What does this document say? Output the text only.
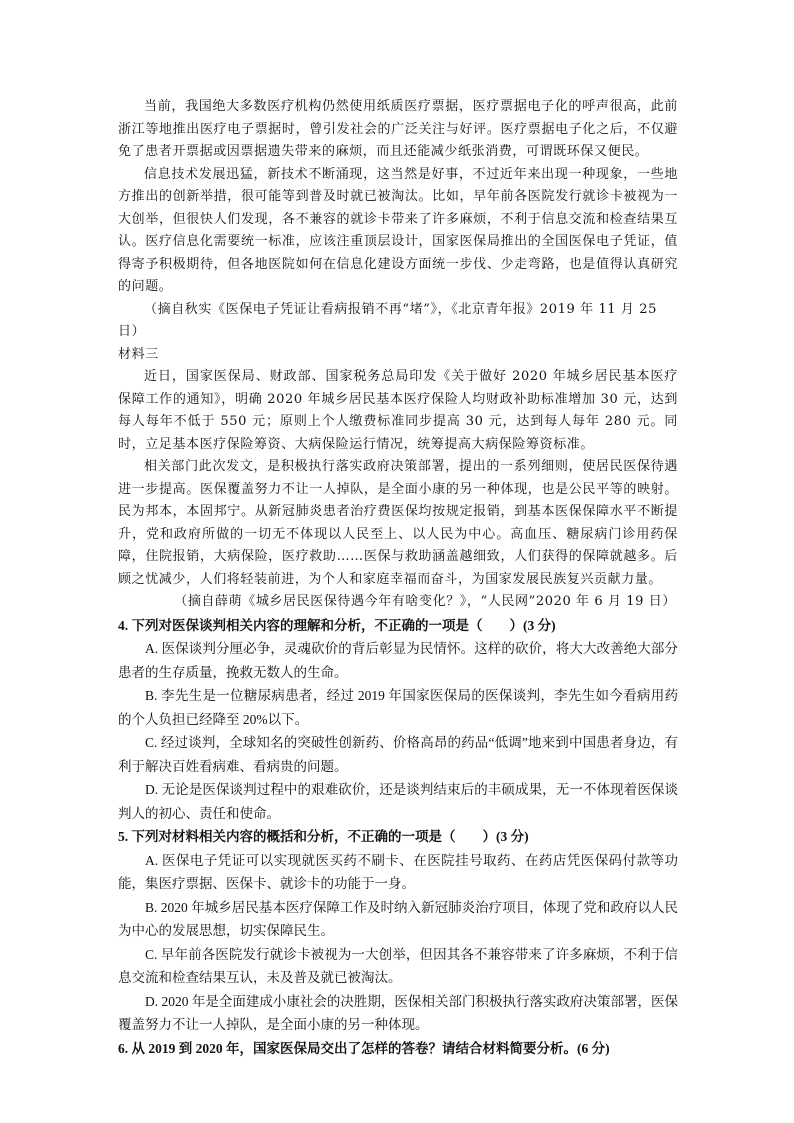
当前，我国绝大多数医疗机构仍然使用纸质医疗票据，医疗票据电子化的呼声很高，此前浙江等地推出医疗电子票据时，曾引发社会的广泛关注与好评。医疗票据电子化之后，不仅避免了患者开票据或因票据遗失带来的麻烦，而且还能减少纸张消费，可谓既环保又便民。

信息技术发展迅猛，新技术不断涌现，这当然是好事，不过近年来出现一种现象，一些地方推出的创新举措，很可能等到普及时就已被淘汰。比如，早年前各医院发行就诊卡被视为一大创举，但很快人们发现，各不兼容的就诊卡带来了许多麻烦，不利于信息交流和检查结果互认。医疗信息化需要统一标准，应该注重顶层设计，国家医保局推出的全国医保电子凭证，值得寄予积极期待，但各地医院如何在信息化建设方面统一步伐、少走弯路，也是值得认真研究的问题。

（摘自秋实《医保电子凭证让看病报销不再“堵”》，《北京青年报》2019 年 11 月 25 日）

材料三

近日，国家医保局、财政部、国家税务总局印发《关于做好 2020 年城乡居民基本医疗保障工作的通知》，明确 2020 年城乡居民基本医疗保险人均财政补助标准增加 30 元，达到每人每年不低于 550 元；原则上个人缴费标准同步提高 30 元，达到每人每年 280 元。同时，立足基本医疗保险筹资、大病保险运行情况，统筹提高大病保险筹资标准。

相关部门此次发文，是积极执行落实政府决策部署，提出的一系列细则，使居民医保待遇进一步提高。医保覆盖努力不让一人掉队，是全面小康的另一种体现，也是公民平等的映射。民为邦本，本固邦宁。从新冠肺炎患者治疗费医保均按规定报销，到基本医保保障水平不断提升，党和政府所做的一切无不体现以人民至上、以人民为中心。高血压、糖尿病门诊用药保障，住院报销，大病保险，医疗救助……医保与救助涵盖越细致，人们获得的保障就越多。后顾之忧减少，人们将轻装前进，为个人和家庭幸福而奋斗，为国家发展民族复兴贡献力量。

（摘自薛萌《城乡居民医保待遇今年有啥变化？》，“人民网”2020 年 6 月 19 日）

4. 下列对医保谈判相关内容的理解和分析，不正确的一项是（　　）(3 分)

A. 医保谈判分厘必争，灵魂砍价的背后彰显为民情怀。这样的砍价，将大大改善绝大部分患者的生存质量，挽救无数人的生命。

B. 李先生是一位糖尿病患者，经过 2019 年国家医保局的医保谈判，李先生如今看病用药的个人负担已经降至 20%以下。

C. 经过谈判，全球知名的突破性创新药、价格高昂的药品“低调”地来到中国患者身边，有利于解决百姓看病难、看病贵的问题。

D. 无论是医保谈判过程中的艰难砍价，还是谈判结束后的丰硕成果，无一不体现着医保谈判人的初心、责任和使命。

5. 下列对材料相关内容的概括和分析，不正确的一项是（　　）(3 分)

A. 医保电子凭证可以实现就医买药不刷卡、在医院挂号取药、在药店凭医保码付款等功能，集医疗票据、医保卡、就诊卡的功能于一身。

B. 2020 年城乡居民基本医疗保障工作及时纳入新冠肺炎治疗项目，体现了党和政府以人民为中心的发展思想，切实保障民生。

C. 早年前各医院发行就诊卡被视为一大创举，但因其各不兼容带来了许多麻烦，不利于信息交流和检查结果互认，未及普及就已被淘汰。

D. 2020 年是全面建成小康社会的决胜期，医保相关部门积极执行落实政府决策部署，医保覆盖努力不让一人掉队，是全面小康的另一种体现。

6. 从 2019 到 2020 年，国家医保局交出了怎样的答卷？请结合材料简要分析。(6 分)
